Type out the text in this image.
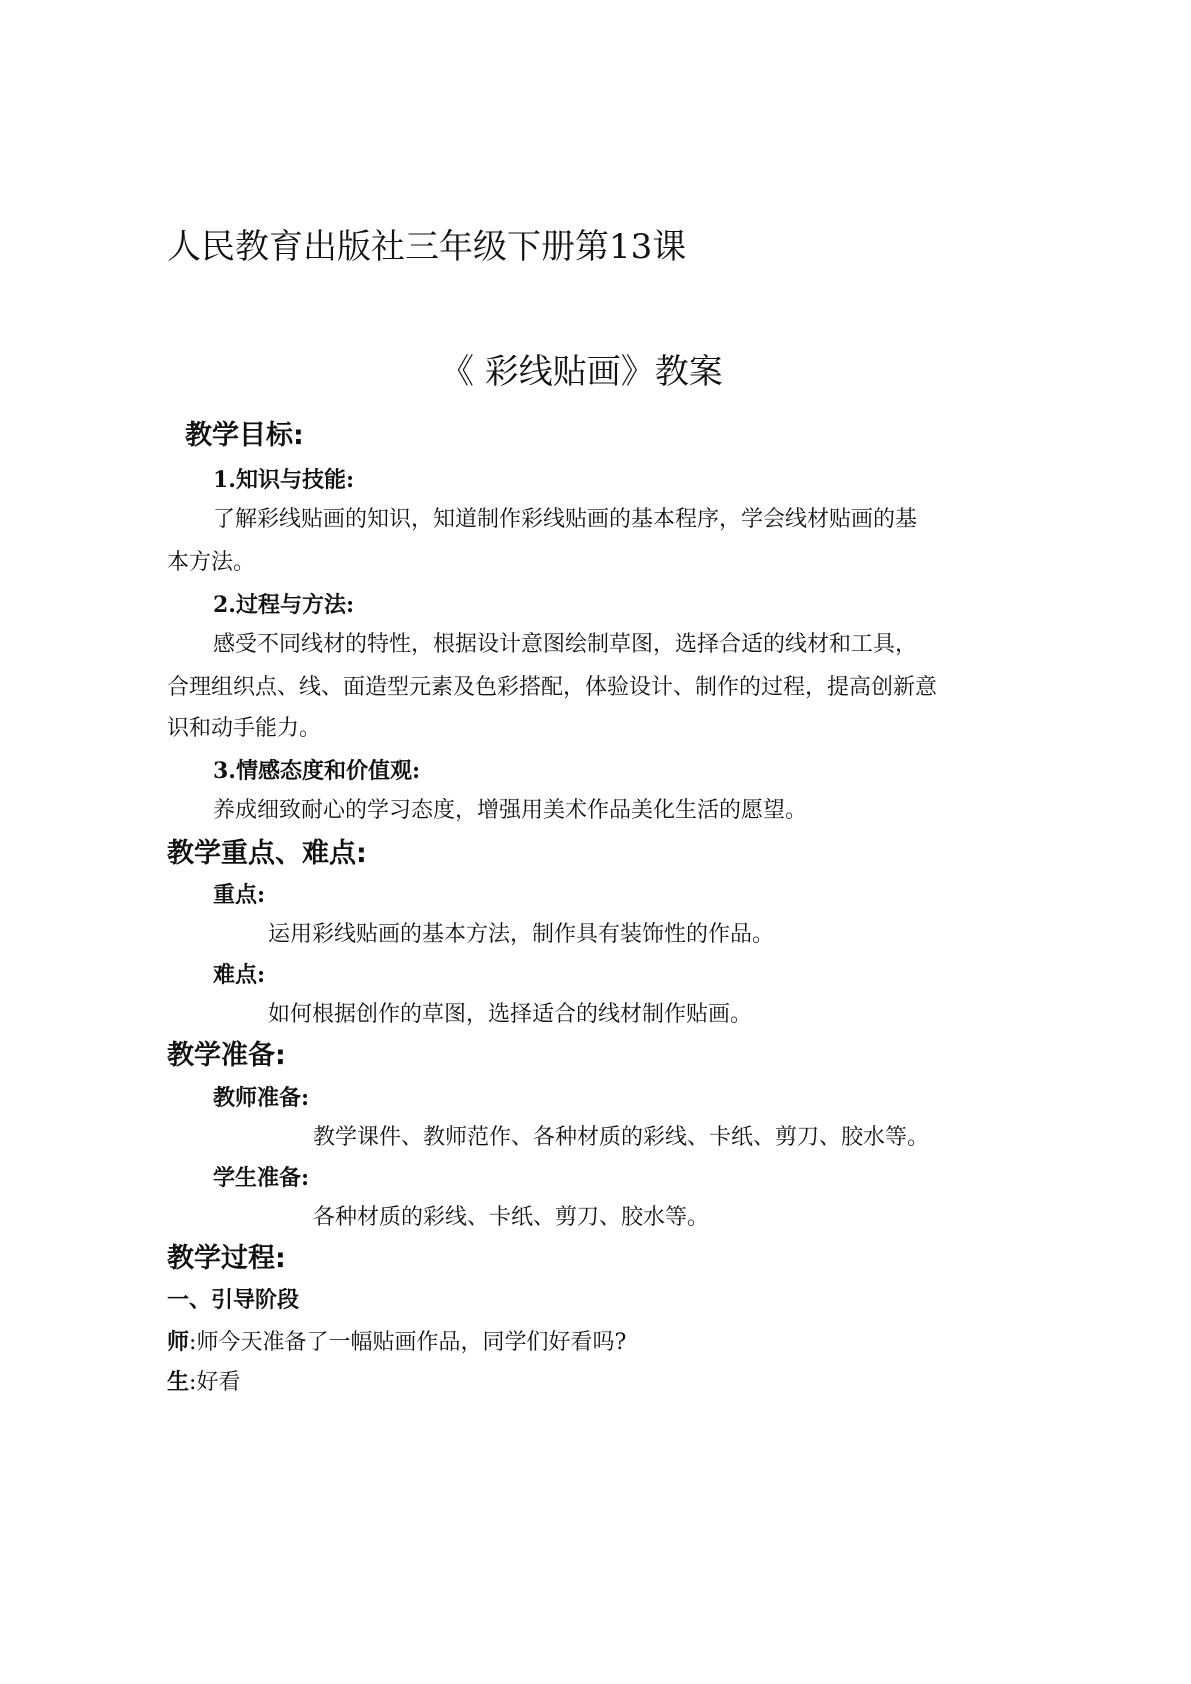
人民教育出版社三年级下册第13课
《 彩线贴画》教案
教学目标:
1.知识与技能:
了解彩线贴画的知识，知道制作彩线贴画的基本程序，学会线材贴画的基
本方法。
2.过程与方法:
感受不同线材的特性，根据设计意图绘制草图，选择合适的线材和工具，
合理组织点、线、面造型元素及色彩搭配，体验设计、制作的过程，提高创新意
识和动手能力。
3.情感态度和价值观:
养成细致耐心的学习态度，增强用美术作品美化生活的愿望。
教学重点、难点:
重点:
运用彩线贴画的基本方法，制作具有装饰性的作品。
难点:
如何根据创作的草图，选择适合的线材制作贴画。
教学准备:
教师准备:
教学课件、教师范作、各种材质的彩线、卡纸、剪刀、胶水等。
学生准备:
各种材质的彩线、卡纸、剪刀、胶水等。
教学过程:
一、引导阶段
师:师今天准备了一幅贴画作品，同学们好看吗?
生:好看
